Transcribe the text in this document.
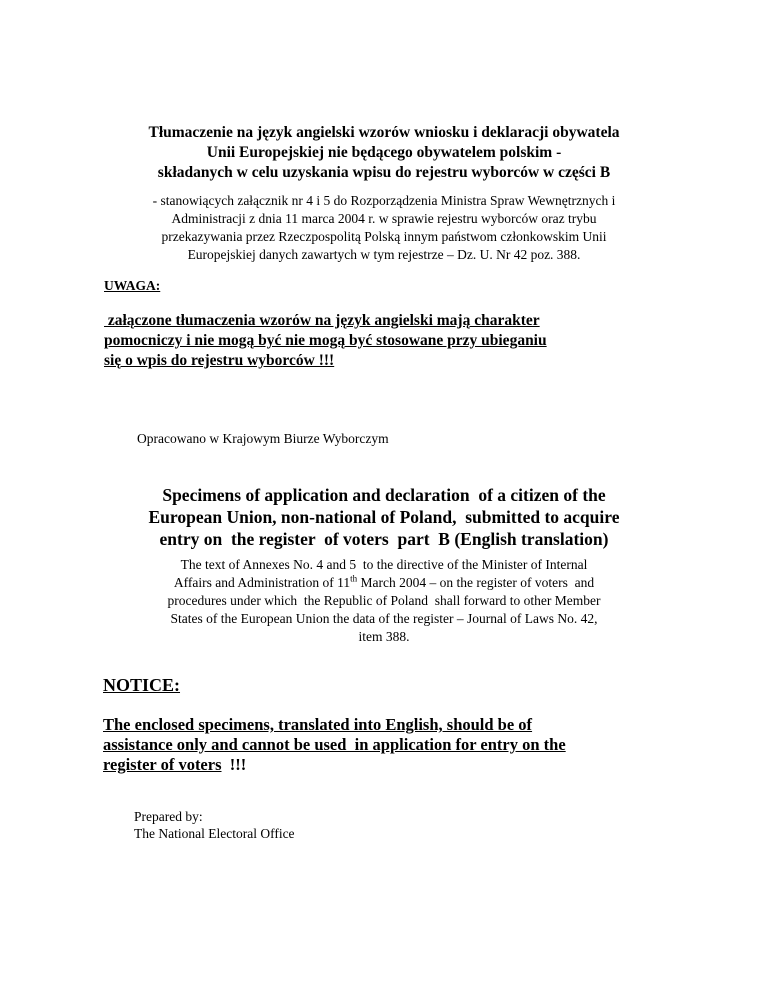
Tłumaczenie na język angielski wzorów wniosku i deklaracji obywatela
Unii Europejskiej nie będącego obywatelem polskim -
składanych w celu uzyskania wpisu do rejestru wyborców w części B
- stanowiących załącznik nr 4 i 5 do Rozporządzenia Ministra Spraw Wewnętrznych i
Administracji z dnia 11 marca 2004 r. w sprawie rejestru wyborców oraz trybu
przekazywania przez Rzeczpospolitą Polską innym państwom członkowskim Unii
Europejskiej danych zawartych w tym rejestrze – Dz. U. Nr 42 poz. 388.
UWAGA:
załączone tłumaczenia wzorów na język angielski mają charakter
pomocniczy i nie mogą być nie mogą być stosowane przy ubieganiu
się o wpis do rejestru wyborców !!!
Opracowano w Krajowym Biurze Wyborczym
Specimens of application and declaration  of a citizen of the
European Union, non-national of Poland,  submitted to acquire
entry on  the register  of voters  part  B (English translation)
The text of Annexes No. 4 and 5  to the directive of the Minister of Internal
Affairs and Administration of 11th March 2004 – on the register of voters  and
procedures under which  the Republic of Poland  shall forward to other Member
States of the European Union the data of the register – Journal of Laws No. 42,
item 388.
NOTICE:
The enclosed specimens, translated into English, should be of
assistance only and cannot be used  in application for entry on the
register of voters  !!!
Prepared by:
The National Electoral Office
